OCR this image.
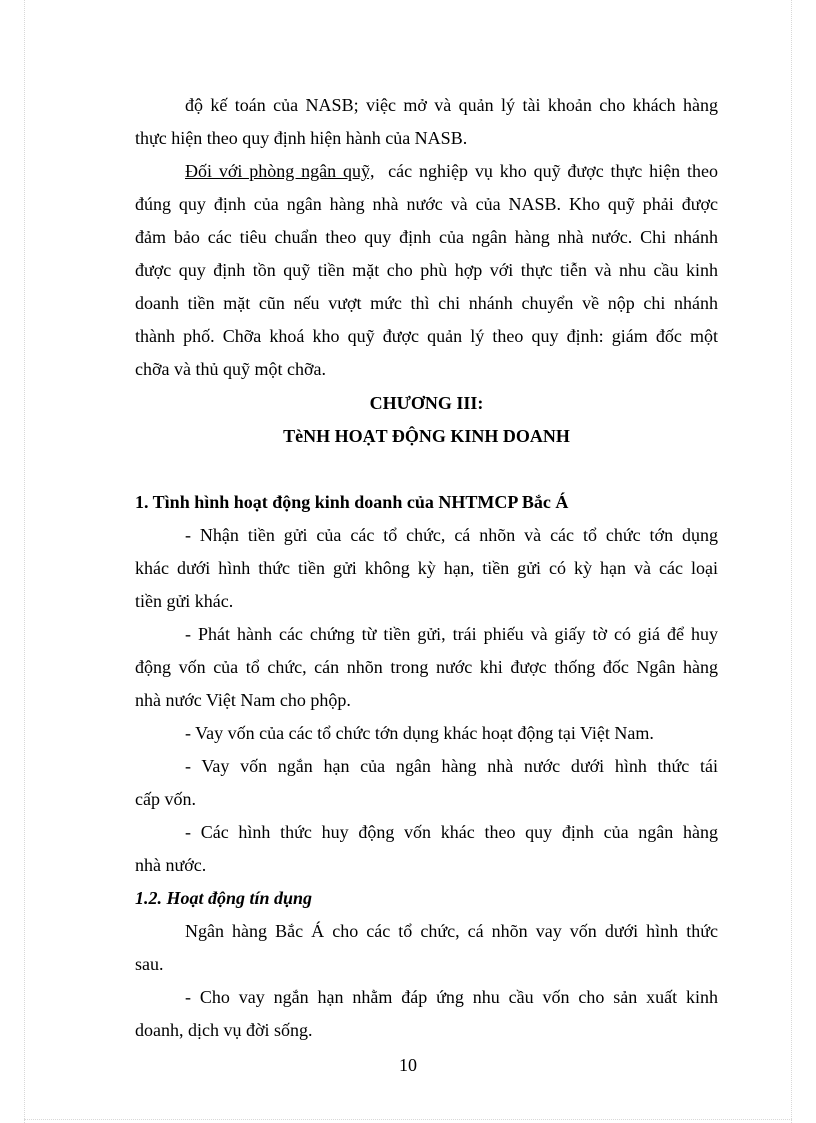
độ kế toán của NASB; việc mở và quản lý tài khoản cho khách hàng
thực hiện theo quy định hiện hành của NASB.
Đối với phòng ngân quỹ, các nghiệp vụ kho quỹ được thực hiện theo
đúng quy định của ngân hàng nhà nước và của NASB. Kho quỹ phải được
đảm bảo các tiêu chuẩn theo quy định của ngân hàng nhà nước. Chi nhánh
được quy định tồn quỹ tiền mặt cho phù hợp với thực tiễn và nhu cầu kinh
doanh tiền mặt cũn nếu vượt mức thì chi nhánh chuyển về nộp chi nhánh
thành phố. Chỡa khoá kho quỹ được quản lý theo quy định: giám đốc một
chỡa và thủ quỹ một chỡa.
CHƯƠNG III:
TèNH HOẠT ĐỘNG KINH DOANH
1. Tình hình hoạt động kinh doanh của NHTMCP Bắc Á
- Nhận tiền gửi của các tổ chức, cá nhõn và các tổ chức tớn dụng
khác dưới hình thức tiền gửi không kỳ hạn, tiền gửi có kỳ hạn và các loại
tiền gửi khác.
- Phát hành các chứng từ tiền gửi, trái phiếu và giấy tờ có giá để huy
động vốn của tổ chức, cán nhõn trong nước khi được thống đốc Ngân hàng
nhà nước Việt Nam cho phộp.
- Vay vốn của các tổ chức tớn dụng khác hoạt động tại Việt Nam.
- Vay vốn ngắn hạn của ngân hàng nhà nước dưới hình thức tái
cấp vốn.
- Các hình thức huy động vốn khác theo quy định của ngân hàng
nhà nước.
1.2. Hoạt động tín dụng
Ngân hàng Bắc Á cho các tổ chức, cá nhõn vay vốn dưới hình thức
sau.
- Cho vay ngắn hạn nhằm đáp ứng nhu cầu vốn cho sản xuất kinh
doanh, dịch vụ đời sống.
10
